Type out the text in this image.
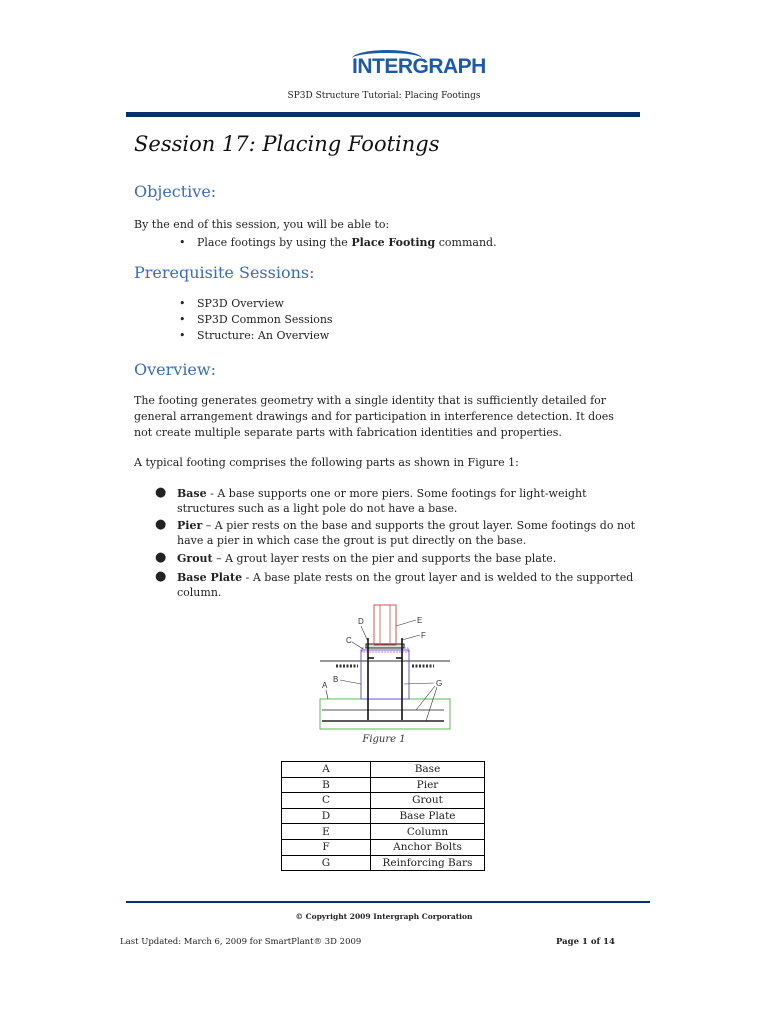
INTERGRAPH
SP3D Structure Tutorial: Placing Footings
Session 17: Placing Footings
Objective:
By the end of this session, you will be able to:
• Place footings by using the Place Footing command.
Prerequisite Sessions:
• SP3D Overview
• SP3D Common Sessions
• Structure: An Overview
Overview:
The footing generates geometry with a single identity that is sufficiently detailed for general arrangement drawings and for participation in interference detection. It does not create multiple separate parts with fabrication identities and properties.
A typical footing comprises the following parts as shown in Figure 1:
● Base - A base supports one or more piers. Some footings for light-weight structures such as a light pole do not have a base.
● Pier – A pier rests on the base and supports the grout layer. Some footings do not have a pier in which case the grout is put directly on the base.
● Grout – A grout layer rests on the pier and supports the base plate.
● Base Plate - A base plate rests on the grout layer and is welded to the supported column.
D
C
E
F
B
A	G
Figure 1
A	Base
B	Pier
C	Grout
D	Base Plate
E	Column
F	Anchor Bolts
G	Reinforcing Bars
© Copyright 2009 Intergraph Corporation
Last Updated: March 6, 2009 for SmartPlant® 3D 2009	Page 1 of 14
